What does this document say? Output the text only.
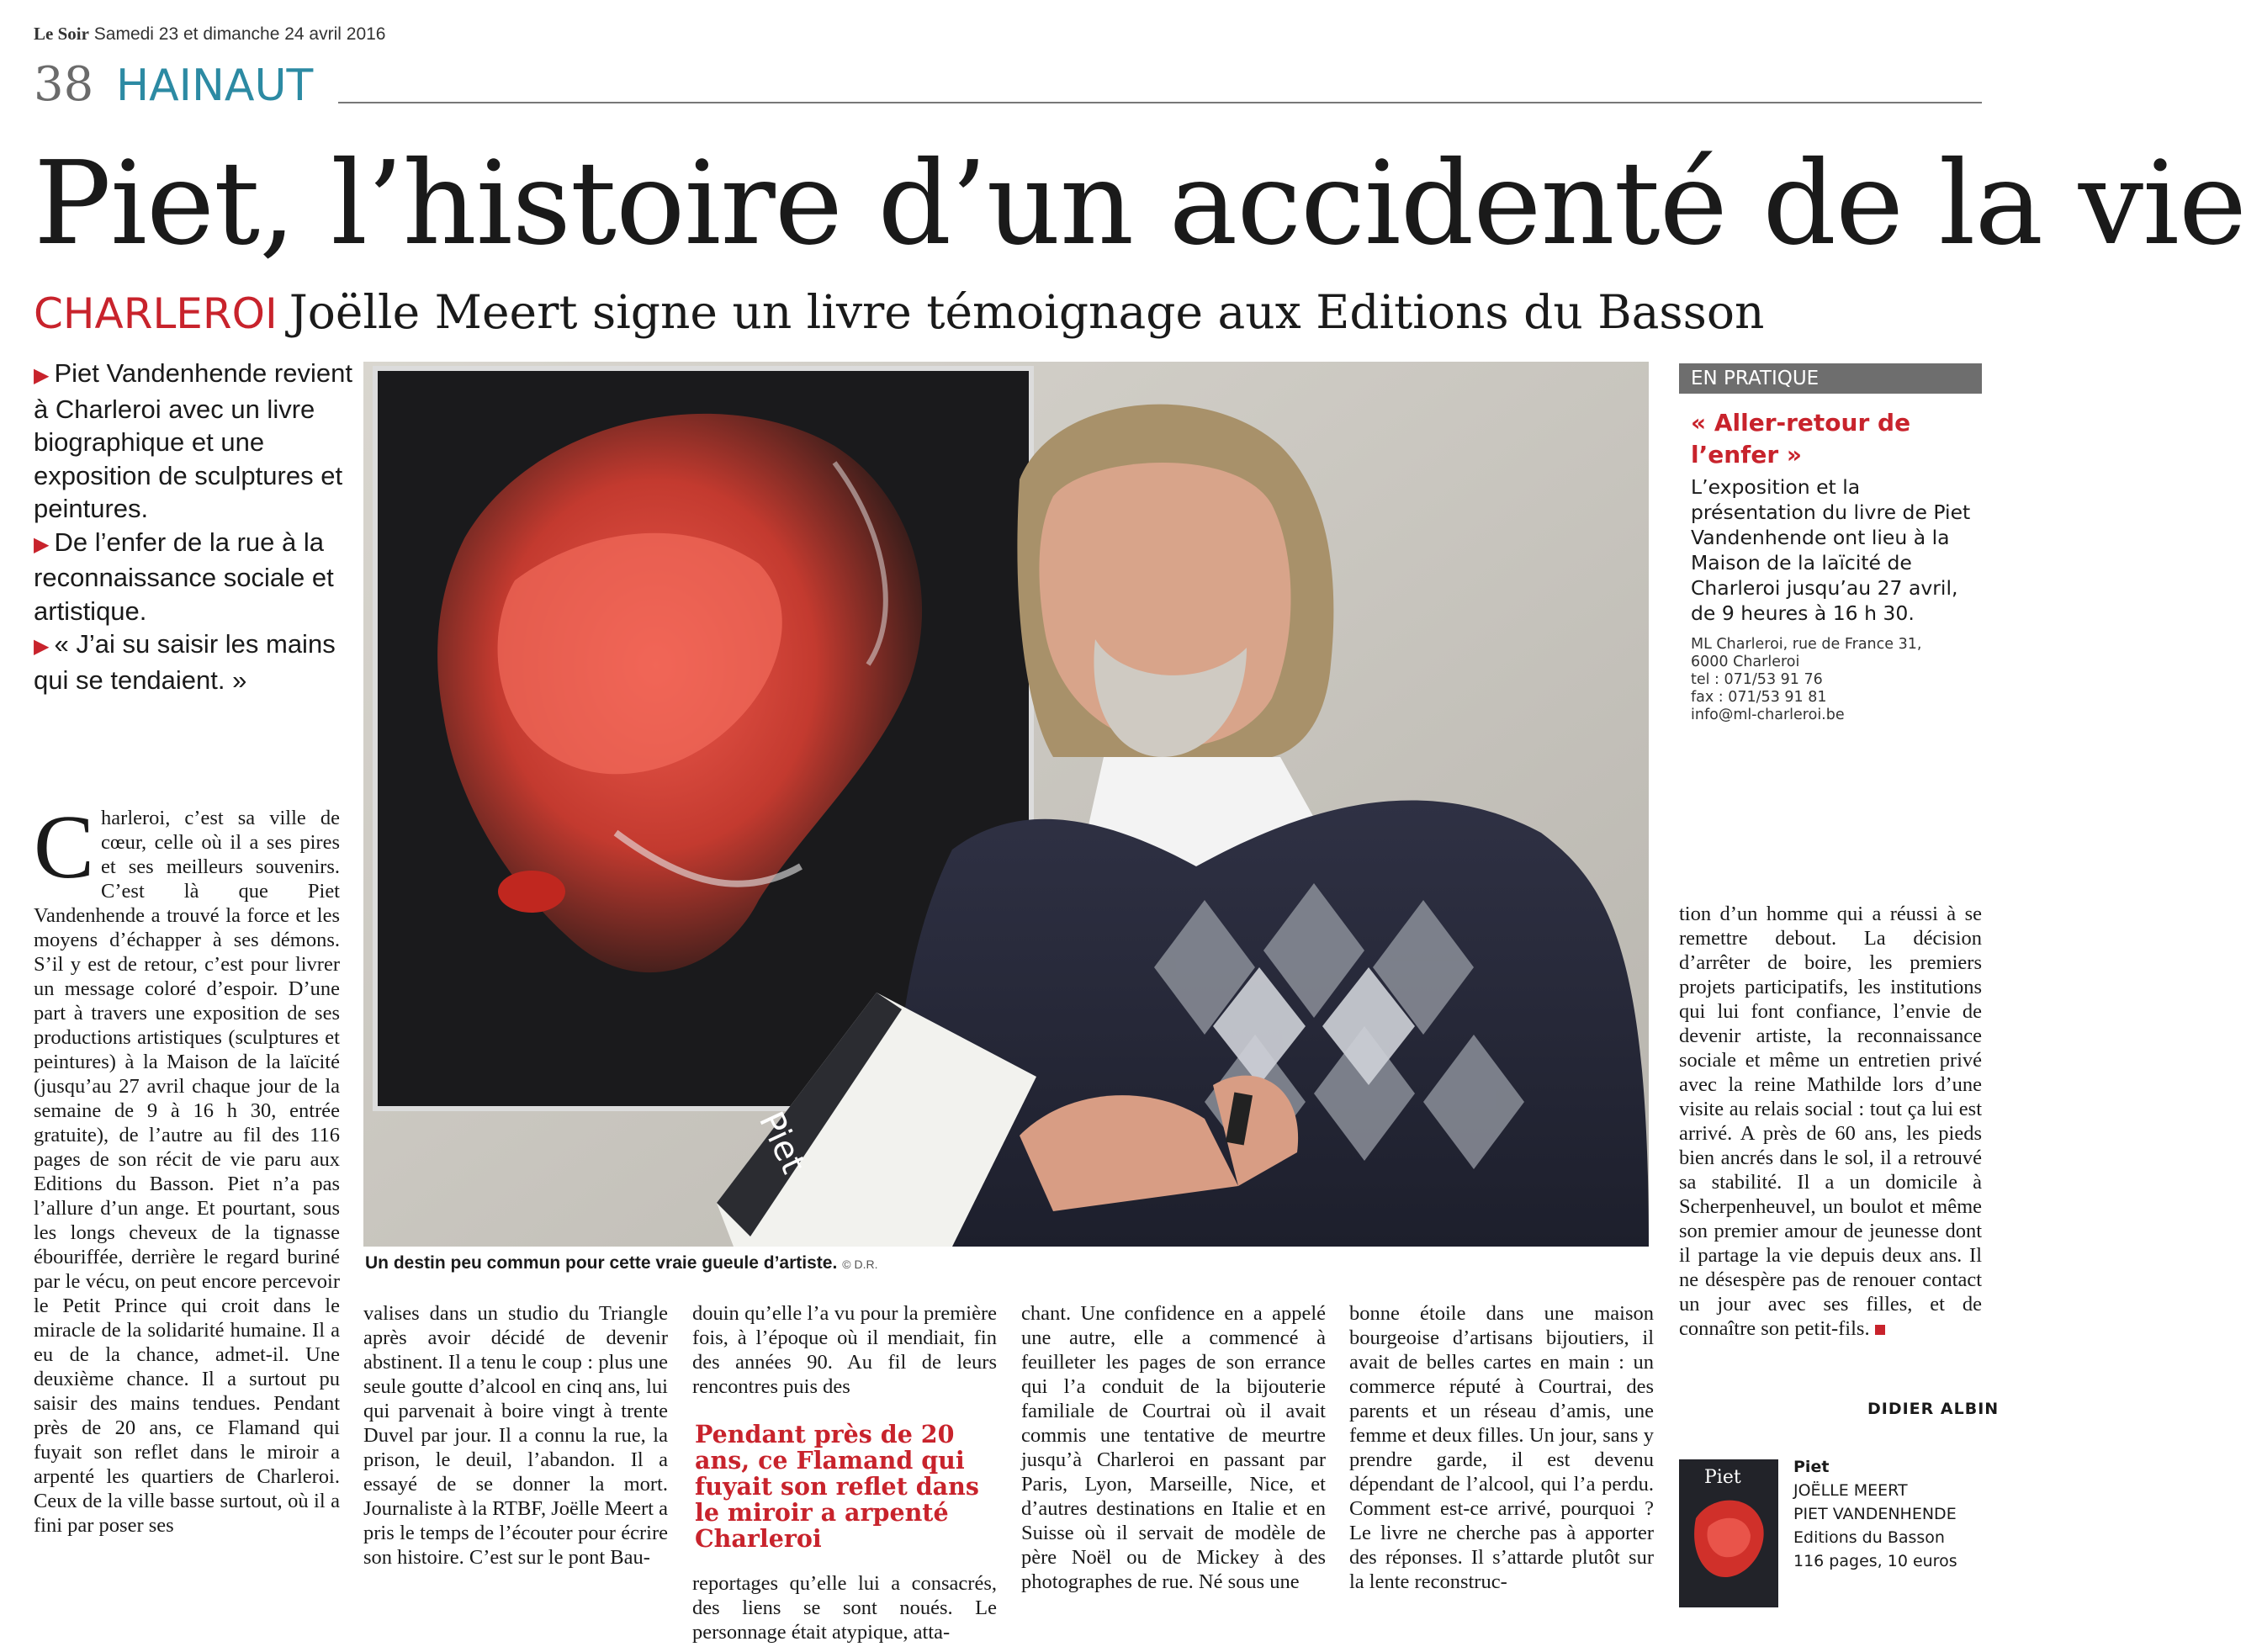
Le Soir Samedi 23 et dimanche 24 avril 2016
38 HAINAUT
Piet, l’histoire d’un accidenté de la vie
CHARLEROI Joëlle Meert signe un livre témoignage aux Editions du Basson

▶ Piet Vandenhende revient à Charleroi avec un livre biographique et une exposition de sculptures et peintures.

▶ De l’enfer de la rue à la reconnaissance sociale et artistique.

▶ « J’ai su saisir les mains qui se tendaient. »

Piet
Un destin peu commun pour cette vraie gueule d’artiste. © D.R.

Charleroi, c’est sa ville de cœur, celle où il a ses pires et ses meilleurs souvenirs. C’est là que Piet Vandenhende a trouvé la force et les moyens d’échapper à ses démons. S’il y est de retour, c’est pour livrer un message coloré d’espoir. D’une part à travers une exposition de ses productions artistiques (sculptures et peintures) à la Maison de la laïcité (jusqu’au 27 avril chaque jour de la semaine de 9 à 16 h 30, entrée gratuite), de l’autre au fil des 116 pages de son récit de vie paru aux Editions du Basson. Piet n’a pas l’allure d’un ange. Et pourtant, sous les longs cheveux de la tignasse ébouriffée, derrière le regard buriné par le vécu, on peut encore percevoir le Petit Prince qui croit dans le miracle de la solidarité humaine. Il a eu de la chance, admet-il. Une deuxième chance. Il a surtout pu saisir des mains tendues. Pendant près de 20 ans, ce Flamand qui fuyait son reflet dans le miroir a arpenté les quartiers de Charleroi. Ceux de la ville basse surtout, où il a fini par poser ses

valises dans un studio du Triangle après avoir décidé de devenir abstinent. Il a tenu le coup : plus une seule goutte d’alcool en cinq ans, lui qui parvenait à boire vingt à trente Duvel par jour. Il a connu la rue, la prison, le deuil, l’abandon. Il a essayé de se donner la mort. Journaliste à la RTBF, Joëlle Meert a pris le temps de l’écouter pour écrire son histoire. C’est sur le pont Bau-

douin qu’elle l’a vu pour la première fois, à l’époque où il mendiait, fin des années 90. Au fil de leurs rencontres puis des

Pendant près de 20 ans, ce Flamand qui fuyait son reflet dans le miroir a arpenté Charleroi

reportages qu’elle lui a consacrés, des liens se sont noués. Le personnage était atypique, atta-

chant. Une confidence en a appelé une autre, elle a commencé à feuilleter les pages de son errance qui l’a conduit de la bijouterie familiale de Courtrai où il avait commis une tentative de meurtre jusqu’à Charleroi en passant par Paris, Lyon, Marseille, Nice, et d’autres destinations en Italie et en Suisse où il servait de modèle de père Noël ou de Mickey à des photographes de rue. Né sous une

bonne étoile dans une maison bourgeoise d’artisans bijoutiers, il avait de belles cartes en main : un commerce réputé à Courtrai, des parents et un réseau d’amis, une femme et deux filles. Un jour, sans y prendre garde, il est devenu dépendant de l’alcool, qui l’a perdu. Comment est-ce arrivé, pourquoi ? Le livre ne cherche pas à apporter des réponses. Il s’attarde plutôt sur la lente reconstruc-

tion d’un homme qui a réussi à se remettre debout. La décision d’arrêter de boire, les premiers projets participatifs, les institutions qui lui font confiance, l’envie de devenir artiste, la reconnaissance sociale et même un entretien privé avec la reine Mathilde lors d’une visite au relais social : tout ça lui est arrivé. A près de 60 ans, les pieds bien ancrés dans le sol, il a retrouvé sa stabilité. Il a un domicile à Scherpenheuvel, un boulot et même son premier amour de jeunesse dont il partage la vie depuis deux ans. Il ne désespère pas de renouer contact un jour avec ses filles, et de connaître son petit-fils.

DIDIER ALBIN
EN PRATIQUE
« Aller-retour de l’enfer »
L’exposition et la présentation du livre de Piet Vandenhende ont lieu à la Maison de la laïcité de Charleroi jusqu’au 27 avril, de 9 heures à 16 h 30.
ML Charleroi, rue de France 31,
6000 Charleroi
tel : 071/53 91 76
fax : 071/53 91 81
info@ml-charleroi.be
Piet	Piet
JOËLLE MEERT
PIET VANDENHENDE
Editions du Basson
116 pages, 10 euros
